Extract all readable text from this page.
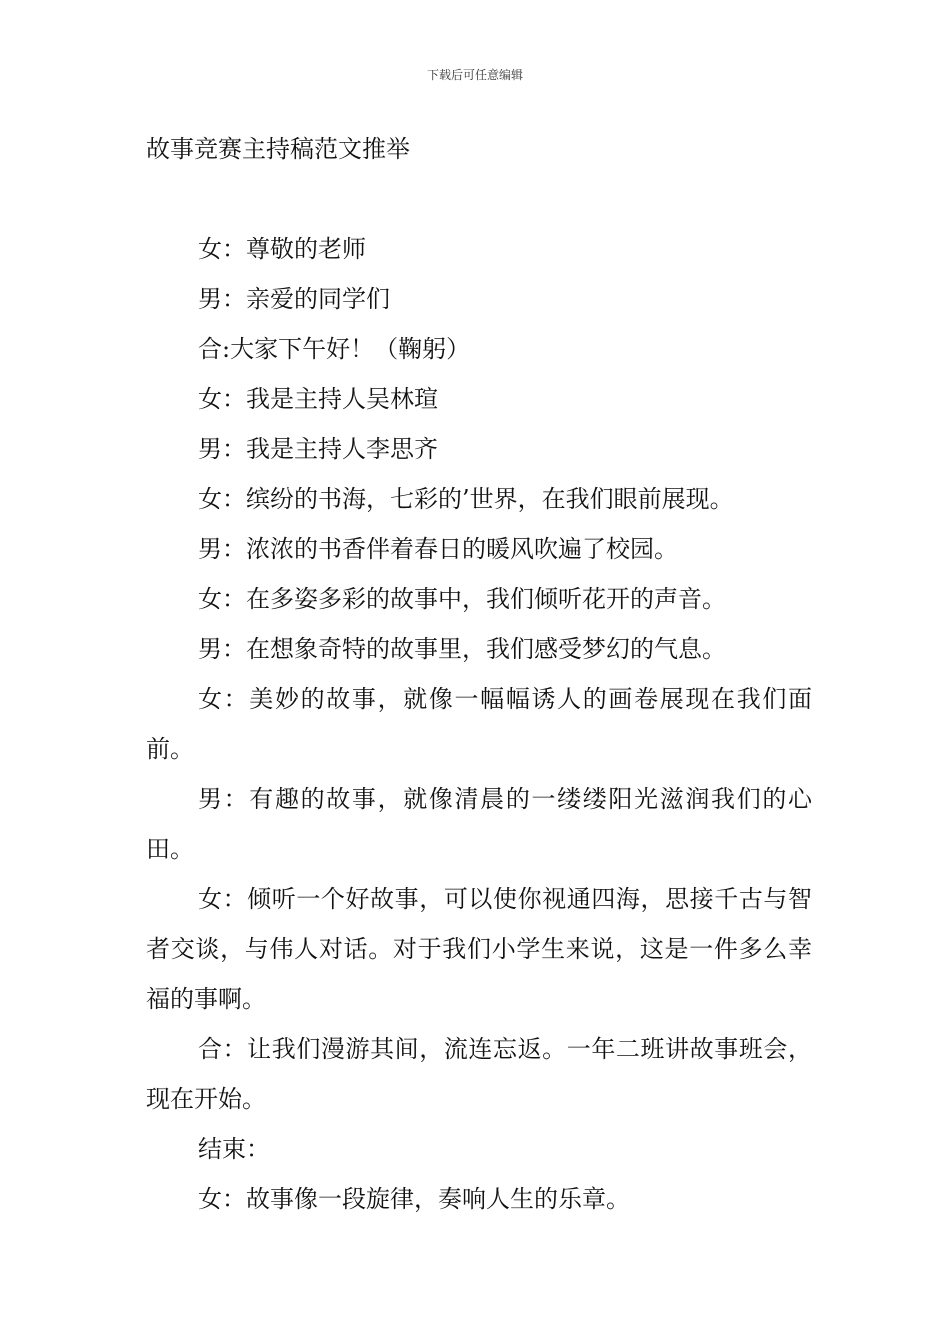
下载后可任意编辑
故事竞赛主持稿范文推举

女：尊敬的老师

男：亲爱的同学们

合:大家下午好！（鞠躬）

女：我是主持人吴林瑄

男：我是主持人李思齐

女：缤纷的书海，七彩的’世界，在我们眼前展现。

男：浓浓的书香伴着春日的暖风吹遍了校园。

女：在多姿多彩的故事中，我们倾听花开的声音。

男：在想象奇特的故事里，我们感受梦幻的气息。

女：美妙的故事，就像一幅幅诱人的画卷展现在我们面前。

男：有趣的故事，就像清晨的一缕缕阳光滋润我们的心田。

女：倾听一个好故事，可以使你视通四海，思接千古与智者交谈，与伟人对话。对于我们小学生来说，这是一件多么幸福的事啊。

合：让我们漫游其间，流连忘返。一年二班讲故事班会，现在开始。

结束：

女：故事像一段旋律，奏响人生的乐章。
